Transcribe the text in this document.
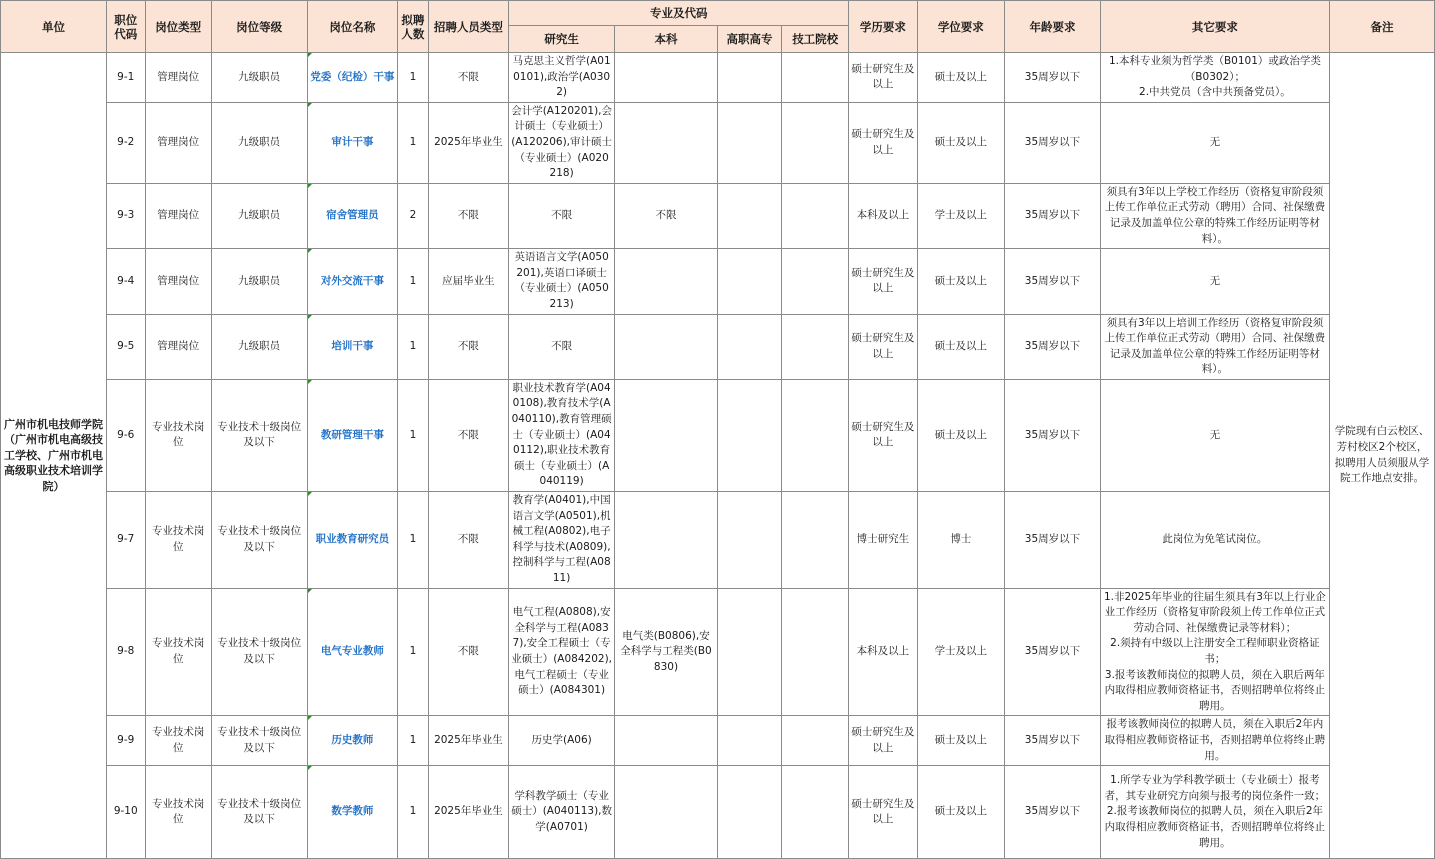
单位	职位代码	岗位类型	岗位等级	岗位名称	拟聘人数	招聘人员类型	专业及代码				学历要求	学位要求	年龄要求	其它要求	备注
							研究生	本科	高职高专	技工院校					
广州市机电技师学院（广州市机电高级技工学校、广州市机电高级职业技术培训学院）	9-1	管理岗位	九级职员	党委（纪检）干事	1	不限	马克思主义哲学(A010101),政治学(A0302)				硕士研究生及以上	硕士及以上	35周岁以下	1.本科专业须为哲学类（B0101）或政治学类（B0302）；
2.中共党员（含中共预备党员）。	学院现有白云校区、芳村校区2个校区，拟聘用人员须服从学院工作地点安排。
	9-2	管理岗位	九级职员	审计干事	1	2025年毕业生	会计学(A120201),会计硕士（专业硕士）(A120206),审计硕士（专业硕士）(A020218)				硕士研究生及以上	硕士及以上	35周岁以下	无	

	9-3	管理岗位	九级职员	宿舍管理员	2	不限	不限	不限			本科及以上	学士及以上	35周岁以下	须具有3年以上学校工作经历（资格复审阶段须上传工作单位正式劳动（聘用）合同、社保缴费记录及加盖单位公章的特殊工作经历证明等材料）。	

	9-4	管理岗位	九级职员	对外交流干事	1	应届毕业生	英语语言文学(A050201),英语口译硕士（专业硕士）(A050213)				硕士研究生及以上	硕士及以上	35周岁以下	无	

	9-5	管理岗位	九级职员	培训干事	1	不限	不限				硕士研究生及以上	硕士及以上	35周岁以下	须具有3年以上培训工作经历（资格复审阶段须上传工作单位正式劳动（聘用）合同、社保缴费记录及加盖单位公章的特殊工作经历证明等材料）。	

	9-6	专业技术岗位	专业技术十级岗位及以下	教研管理干事	1	不限	职业技术教育学(A040108),教育技术学(A040110),教育管理硕士（专业硕士）(A040112),职业技术教育硕士（专业硕士）(A040119)				硕士研究生及以上	硕士及以上	35周岁以下	无	

	9-7	专业技术岗位	专业技术十级岗位及以下	职业教育研究员	1	不限	教育学(A0401),中国语言文学(A0501),机械工程(A0802),电子科学与技术(A0809),控制科学与工程(A0811)				博士研究生	博士	35周岁以下	此岗位为免笔试岗位。	

	9-8	专业技术岗位	专业技术十级岗位及以下	电气专业教师	1	不限	电气工程(A0808),安全科学与工程(A0837),安全工程硕士（专业硕士）(A084202),电气工程硕士（专业硕士）(A084301)	电气类(B0806),安全科学与工程类(B0830)			本科及以上	学士及以上	35周岁以下	1.非2025年毕业的往届生须具有3年以上行业企业工作经历（资格复审阶段须上传工作单位正式劳动合同、社保缴费记录等材料）；
2.须持有中级以上注册安全工程师职业资格证书；
3.报考该教师岗位的拟聘人员，须在入职后两年内取得相应教师资格证书，否则招聘单位将终止聘用。	

	9-9	专业技术岗位	专业技术十级岗位及以下	历史教师	1	2025年毕业生	历史学(A06)				硕士研究生及以上	硕士及以上	35周岁以下	报考该教师岗位的拟聘人员，须在入职后2年内取得相应教师资格证书，否则招聘单位将终止聘用。	

	9-10	专业技术岗位	专业技术十级岗位及以下	数学教师	1	2025年毕业生	学科教学硕士（专业硕士）(A040113),数学(A0701)				硕士研究生及以上	硕士及以上	35周岁以下	1.所学专业为学科教学硕士（专业硕士）报考者，其专业研究方向须与报考的岗位条件一致；
2.报考该教师岗位的拟聘人员，须在入职后2年内取得相应教师资格证书，否则招聘单位将终止聘用。	
